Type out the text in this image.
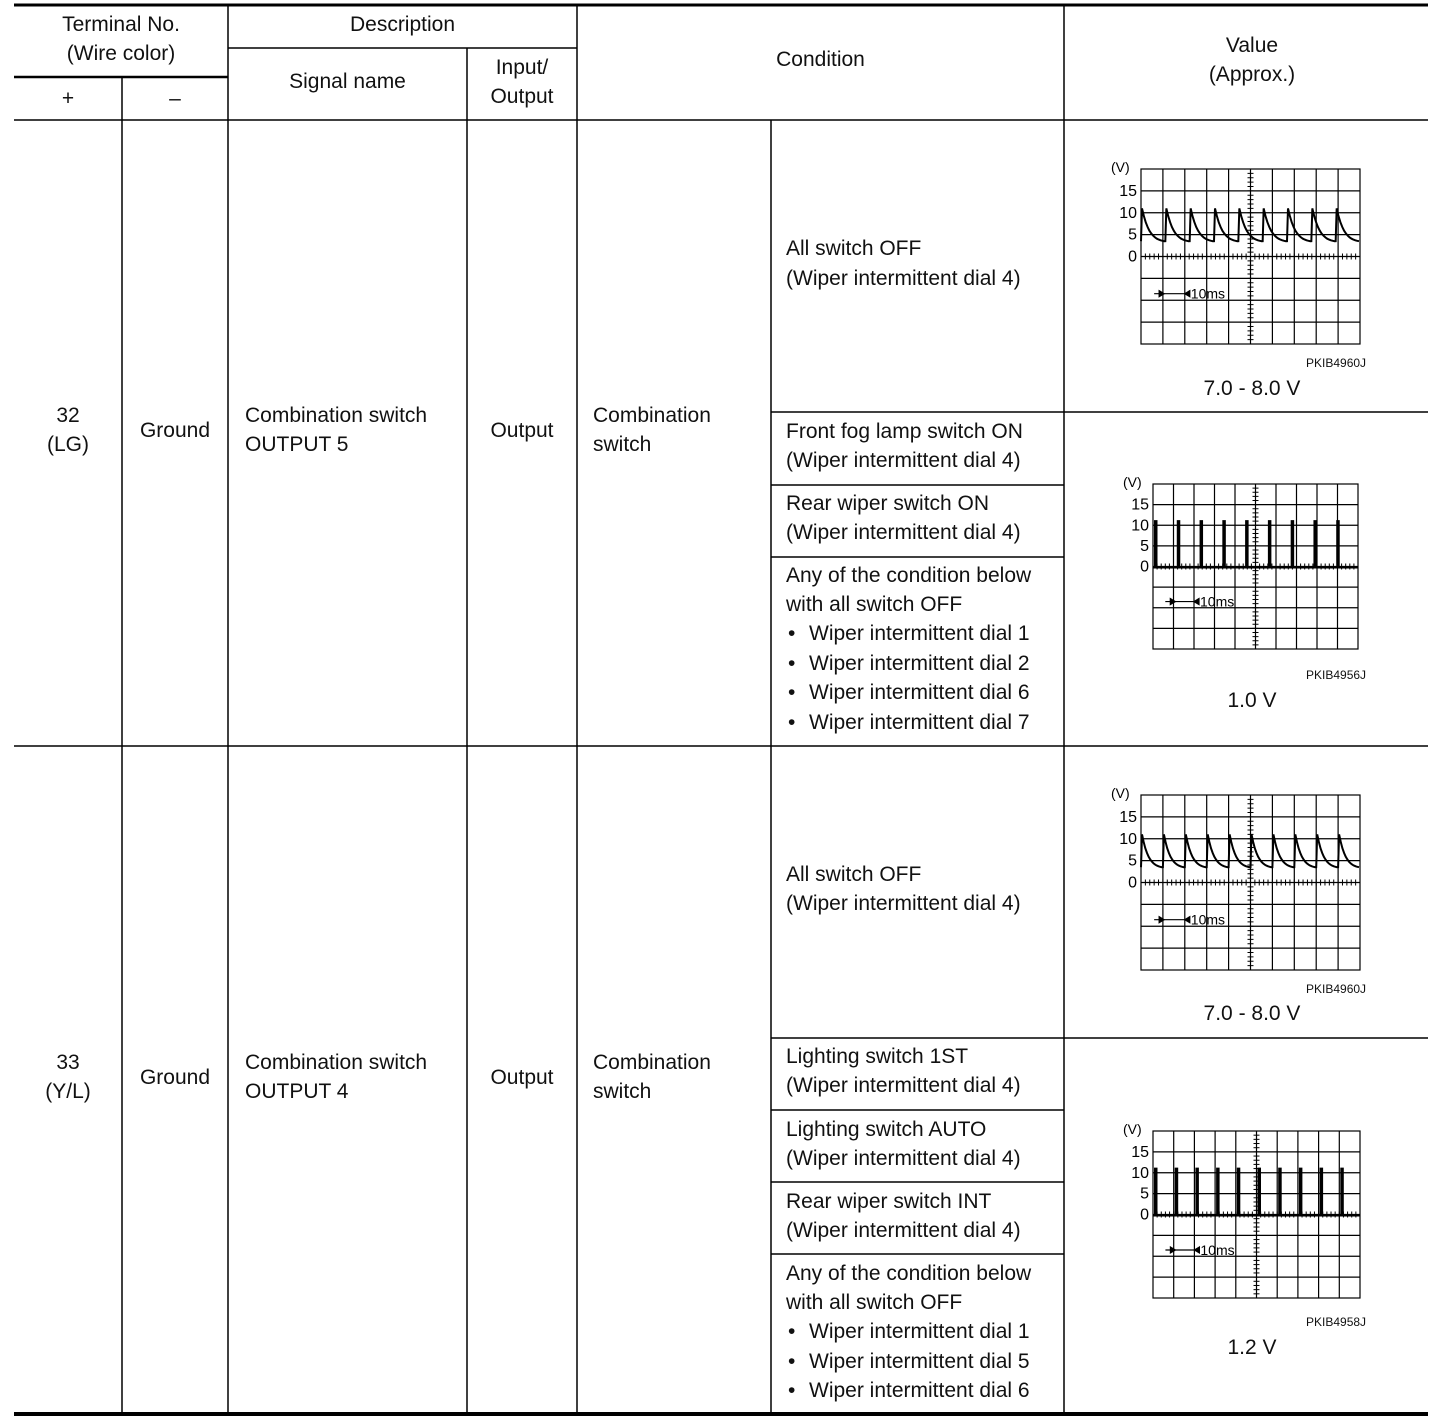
Terminal No.
(Wire color)
Description
+	–
Signal name
Input/
Output
Condition
Value
(Approx.)
32
(LG)
Ground
Combination switch
OUTPUT 5
Output
Combination
switch
All switch OFF
(Wiper intermittent dial 4)
Front fog lamp switch ON
(Wiper intermittent dial 4)
Rear wiper switch ON
(Wiper intermittent dial 4)
Any of the condition below
with all switch OFF
• Wiper intermittent dial 1
• Wiper intermittent dial 2
• Wiper intermittent dial 6
• Wiper intermittent dial 7
(V)
15
10
5
0
10ms
PKIB4960J
7.0 - 8.0 V
(V)
15
10
5
0
10ms
PKIB4956J
1.0 V
33
(Y/L)
Ground
Combination switch
OUTPUT 4
Output
Combination
switch
All switch OFF
(Wiper intermittent dial 4)
Lighting switch 1ST
(Wiper intermittent dial 4)
Lighting switch AUTO
(Wiper intermittent dial 4)
Rear wiper switch INT
(Wiper intermittent dial 4)
Any of the condition below
with all switch OFF
• Wiper intermittent dial 1
• Wiper intermittent dial 5
• Wiper intermittent dial 6
(V)
15
10
5
0
10ms
PKIB4960J
7.0 - 8.0 V
(V)
15
10
5
0
10ms
PKIB4958J
1.2 V
